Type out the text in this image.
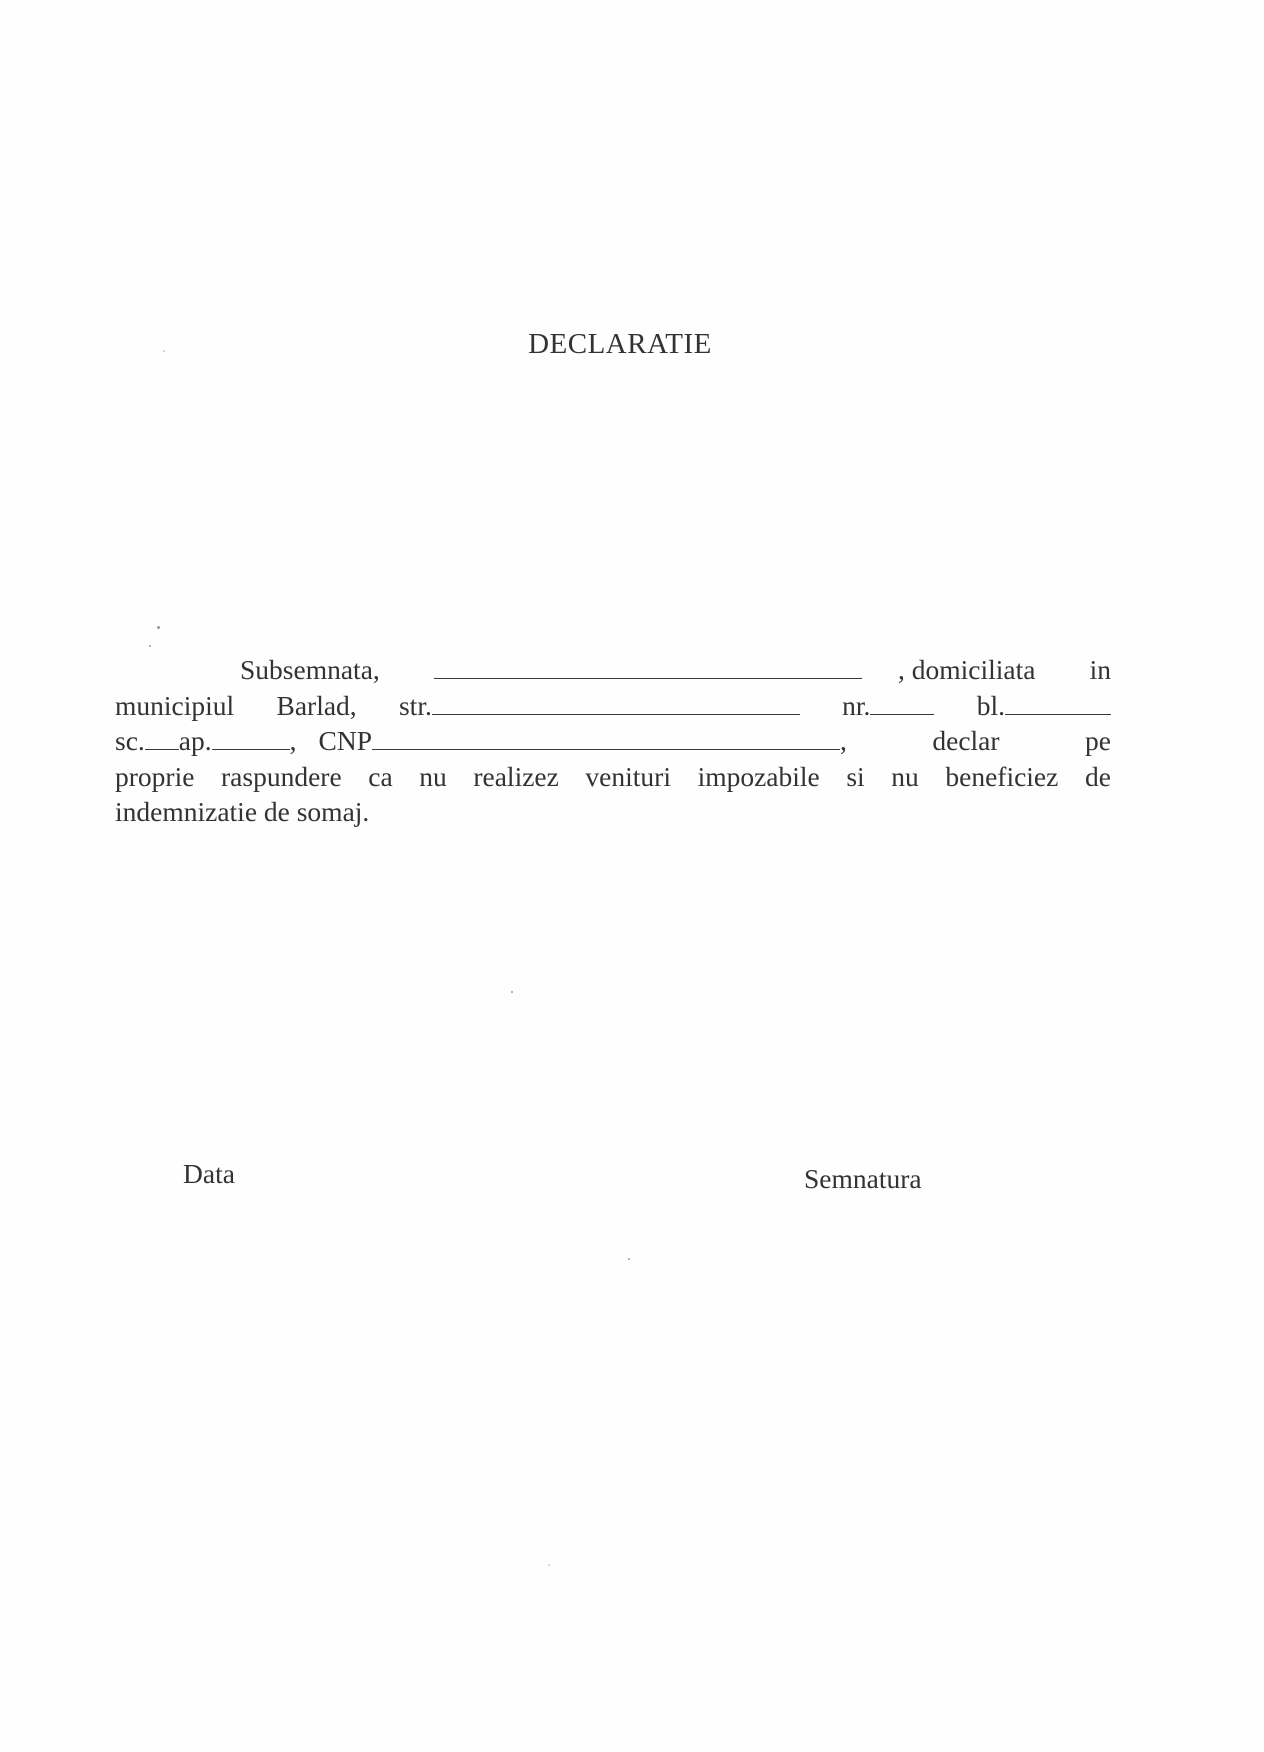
DECLARATIE
Subsemnata,	, domiciliata in
municipiul Barlad, str.	nr.	bl.
sc. ap.	, CNP	,	declar	pe
proprie raspundere ca nu realizez venituri impozabile si nu beneficiez de
indemnizatie de somaj.
Data	Semnatura
